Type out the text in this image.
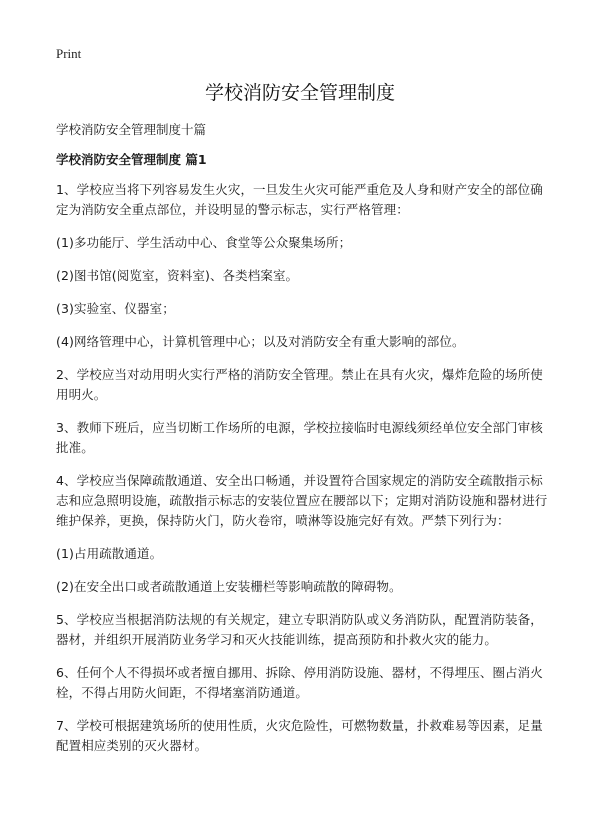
Print
学校消防安全管理制度
学校消防安全管理制度十篇
学校消防安全管理制度 篇1

1、学校应当将下列容易发生火灾，一旦发生火灾可能严重危及人身和财产安全的部位确定为消防安全重点部位，并设明显的警示标志，实行严格管理：

(1)多功能厅、学生活动中心、食堂等公众聚集场所；

(2)图书馆(阅览室，资料室)、各类档案室。

(3)实验室、仪器室；

(4)网络管理中心，计算机管理中心；以及对消防安全有重大影响的部位。

2、学校应当对动用明火实行严格的消防安全管理。禁止在具有火灾，爆炸危险的场所使用明火。

3、教师下班后，应当切断工作场所的电源，学校拉接临时电源线须经单位安全部门审核批准。

4、学校应当保障疏散通道、安全出口畅通，并设置符合国家规定的消防安全疏散指示标志和应急照明设施，疏散指示标志的安装位置应在腰部以下；定期对消防设施和器材进行维护保养，更换，保持防火门，防火卷帘，喷淋等设施完好有效。严禁下列行为：

(1)占用疏散通道。

(2)在安全出口或者疏散通道上安装栅栏等影响疏散的障碍物。

5、学校应当根据消防法规的有关规定，建立专职消防队或义务消防队，配置消防装备，器材，并组织开展消防业务学习和灭火技能训练，提高预防和扑救火灾的能力。

6、任何个人不得损坏或者擅自挪用、拆除、停用消防设施、器材，不得埋压、圈占消火栓，不得占用防火间距，不得堵塞消防通道。

7、学校可根据建筑场所的使用性质，火灾危险性，可燃物数量，扑救难易等因素，足量配置相应类别的灭火器材。
